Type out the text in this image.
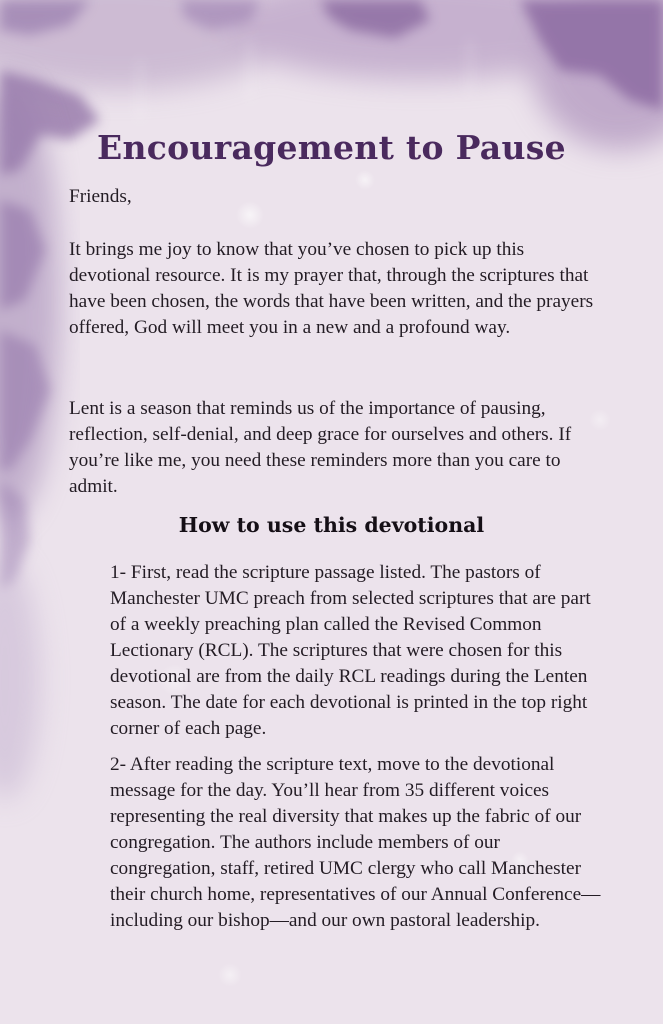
Encouragement to Pause

Friends,

It brings me joy to know that you’ve chosen to pick up this devotional resource. It is my prayer that, through the scriptures that have been chosen, the words that have been written, and the prayers offered, God will meet you in a new and a profound way.

Lent is a season that reminds us of the importance of pausing, reflection, self-denial, and deep grace for ourselves and others. If you’re like me, you need these reminders more than you care to admit.

How to use this devotional

1- First, read the scripture passage listed. The pastors of Manchester UMC preach from selected scriptures that are part of a weekly preaching plan called the Revised Common Lectionary (RCL). The scriptures that were chosen for this devotional are from the daily RCL readings during the Lenten season. The date for each devotional is printed in the top right corner of each page.

2- After reading the scripture text, move to the devotional message for the day. You’ll hear from 35 different voices representing the real diversity that makes up the fabric of our congregation. The authors include members of our congregation, staff, retired UMC clergy who call Manchester their church home, representatives of our Annual Conference—including our bishop—and our own pastoral leadership.
